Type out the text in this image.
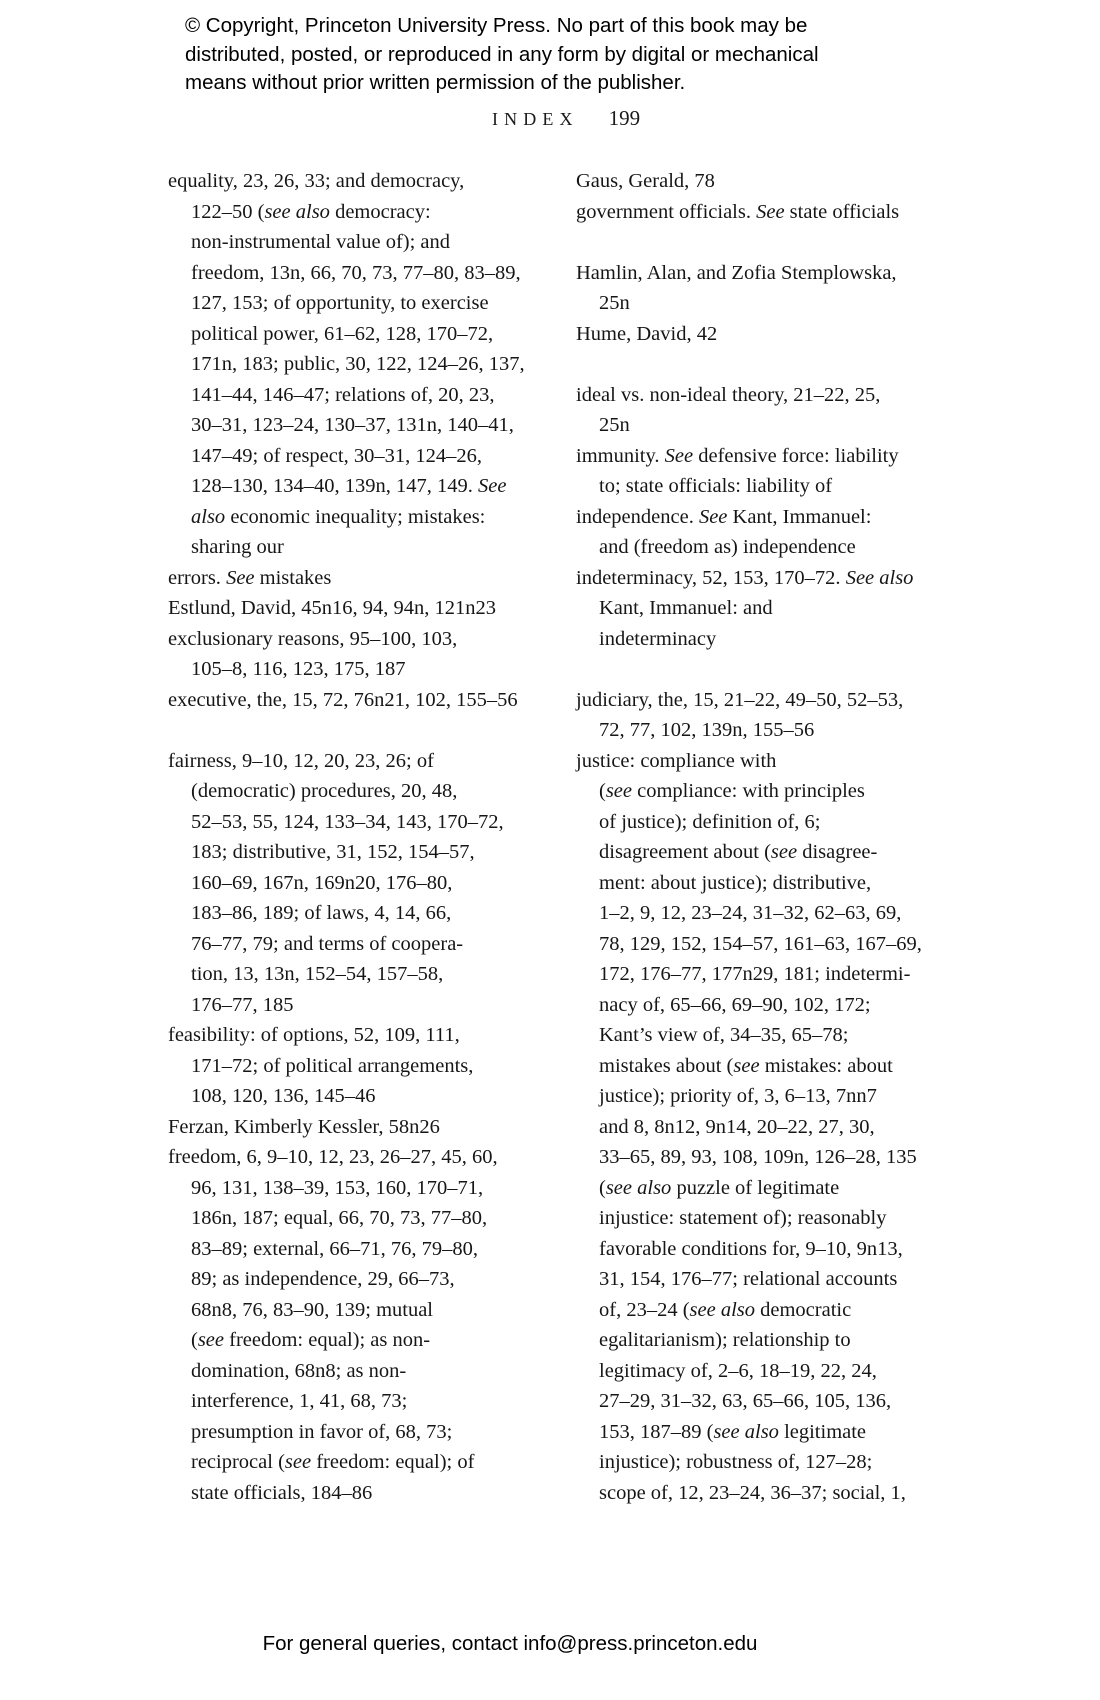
© Copyright, Princeton University Press. No part of this book may be
distributed, posted, or reproduced in any form by digital or mechanical
means without prior written permission of the publisher.
INDEX 199
equality, 23, 26, 33; and democracy,
122–50 (see also democracy:
non-instrumental value of); and
freedom, 13n, 66, 70, 73, 77–80, 83–89,
127, 153; of opportunity, to exercise
political power, 61–62, 128, 170–72,
171n, 183; public, 30, 122, 124–26, 137,
141–44, 146–47; relations of, 20, 23,
30–31, 123–24, 130–37, 131n, 140–41,
147–49; of respect, 30–31, 124–26,
128–130, 134–40, 139n, 147, 149. See
also economic inequality; mistakes:
sharing our
errors. See mistakes
Estlund, David, 45n16, 94, 94n, 121n23
exclusionary reasons, 95–100, 103,
105–8, 116, 123, 175, 187
executive, the, 15, 72, 76n21, 102, 155–56
fairness, 9–10, 12, 20, 23, 26; of
(democratic) procedures, 20, 48,
52–53, 55, 124, 133–34, 143, 170–72,
183; distributive, 31, 152, 154–57,
160–69, 167n, 169n20, 176–80,
183–86, 189; of laws, 4, 14, 66,
76–77, 79; and terms of coopera-
tion, 13, 13n, 152–54, 157–58,
176–77, 185
feasibility: of options, 52, 109, 111,
171–72; of political arrangements,
108, 120, 136, 145–46
Ferzan, Kimberly Kessler, 58n26
freedom, 6, 9–10, 12, 23, 26–27, 45, 60,
96, 131, 138–39, 153, 160, 170–71,
186n, 187; equal, 66, 70, 73, 77–80,
83–89; external, 66–71, 76, 79–80,
89; as independence, 29, 66–73,
68n8, 76, 83–90, 139; mutual
(see freedom: equal); as non-
domination, 68n8; as non-
interference, 1, 41, 68, 73;
presumption in favor of, 68, 73;
reciprocal (see freedom: equal); of
state officials, 184–86
Gaus, Gerald, 78
government officials. See state officials
Hamlin, Alan, and Zofia Stemplowska,
25n
Hume, David, 42
ideal vs. non-ideal theory, 21–22, 25,
25n
immunity. See defensive force: liability
to; state officials: liability of
independence. See Kant, Immanuel:
and (freedom as) independence
indeterminacy, 52, 153, 170–72. See also
Kant, Immanuel: and
indeterminacy
judiciary, the, 15, 21–22, 49–50, 52–53,
72, 77, 102, 139n, 155–56
justice: compliance with
(see compliance: with principles
of justice); definition of, 6;
disagreement about (see disagree-
ment: about justice); distributive,
1–2, 9, 12, 23–24, 31–32, 62–63, 69,
78, 129, 152, 154–57, 161–63, 167–69,
172, 176–77, 177n29, 181; indetermi-
nacy of, 65–66, 69–90, 102, 172;
Kant’s view of, 34–35, 65–78;
mistakes about (see mistakes: about
justice); priority of, 3, 6–13, 7nn7
and 8, 8n12, 9n14, 20–22, 27, 30,
33–65, 89, 93, 108, 109n, 126–28, 135
(see also puzzle of legitimate
injustice: statement of); reasonably
favorable conditions for, 9–10, 9n13,
31, 154, 176–77; relational accounts
of, 23–24 (see also democratic
egalitarianism); relationship to
legitimacy of, 2–6, 18–19, 22, 24,
27–29, 31–32, 63, 65–66, 105, 136,
153, 187–89 (see also legitimate
injustice); robustness of, 127–28;
scope of, 12, 23–24, 36–37; social, 1,
For general queries, contact info@press.princeton.edu
